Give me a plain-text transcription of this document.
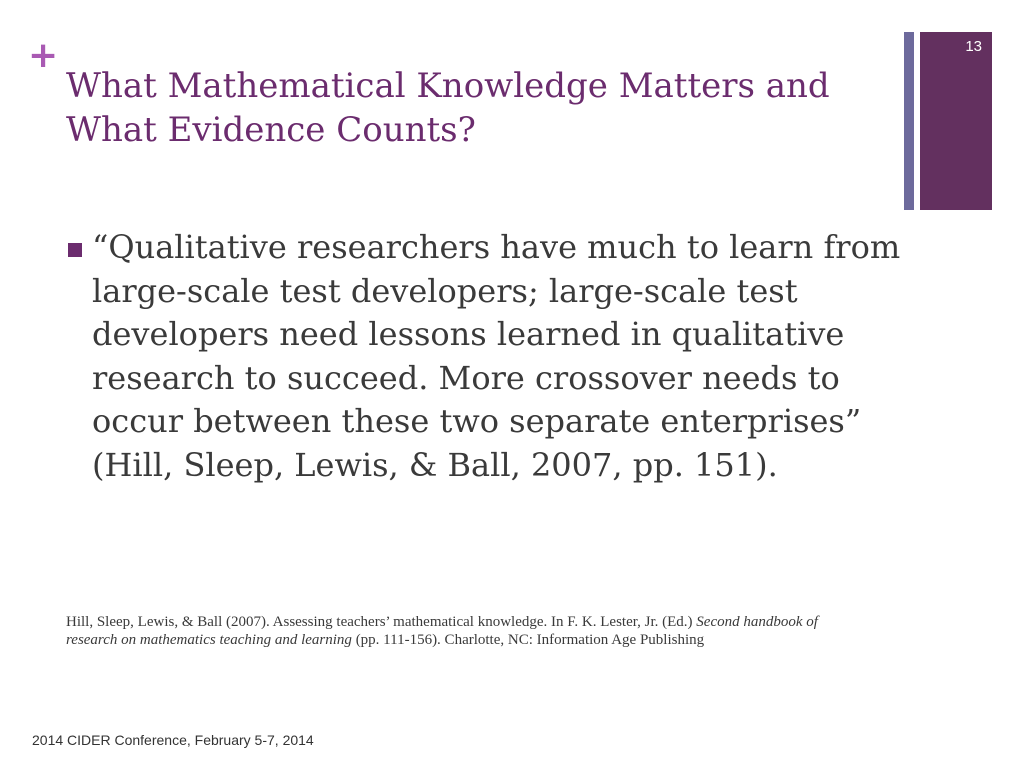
+
What Mathematical Knowledge Matters and What Evidence Counts?
13
“Qualitative researchers have much to learn from large-scale test developers; large-scale test developers need lessons learned in qualitative research to succeed. More crossover needs to occur between these two separate enterprises” (Hill, Sleep, Lewis, & Ball, 2007, pp. 151).
Hill, Sleep, Lewis, & Ball (2007). Assessing teachers’ mathematical knowledge. In F. K. Lester, Jr. (Ed.) Second handbook of research on mathematics teaching and learning (pp. 111-156). Charlotte, NC: Information Age Publishing
2014 CIDER Conference, February 5-7, 2014
